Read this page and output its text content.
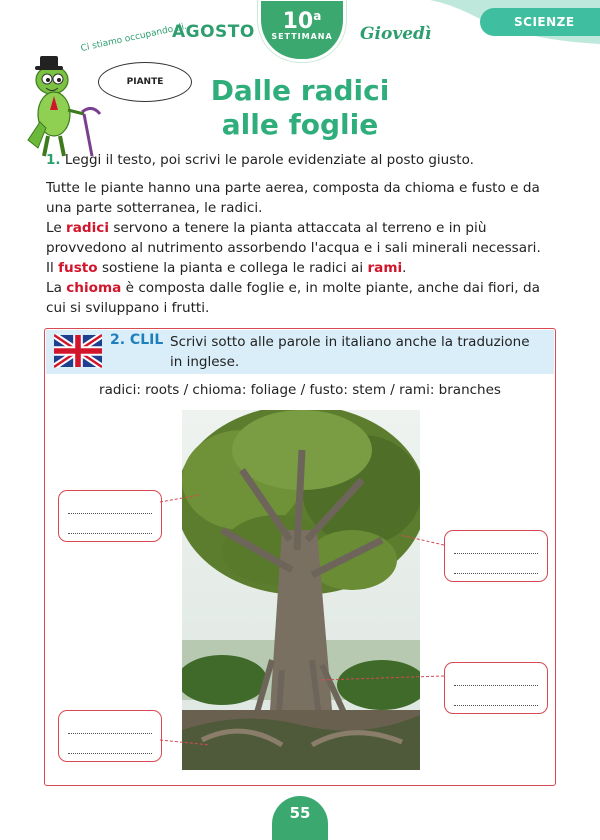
SCIENZE
AGOSTO	10$^a$
SETTIMANA	Giovedì
Ci stiamo occupando di...
PIANTE	Dalle radici
alle foglie
1. Leggi il testo, poi scrivi le parole evidenziate al posto giusto.
Tutte le piante hanno una parte aerea, composta da chioma e fusto e da una parte sotterranea, le radici.
Le radici servono a tenere la pianta attaccata al terreno e in più provvedono al nutrimento assorbendo l'acqua e i sali minerali necessari.
Il fusto sostiene la pianta e collega le radici ai rami.
La chioma è composta dalle foglie e, in molte piante, anche dai fiori, da cui si sviluppano i frutti.
2. CLIL Scrivi sotto alle parole in italiano anche la traduzione in inglese.
radici: roots / chioma: foliage / fusto: stem / rami: branches
55
